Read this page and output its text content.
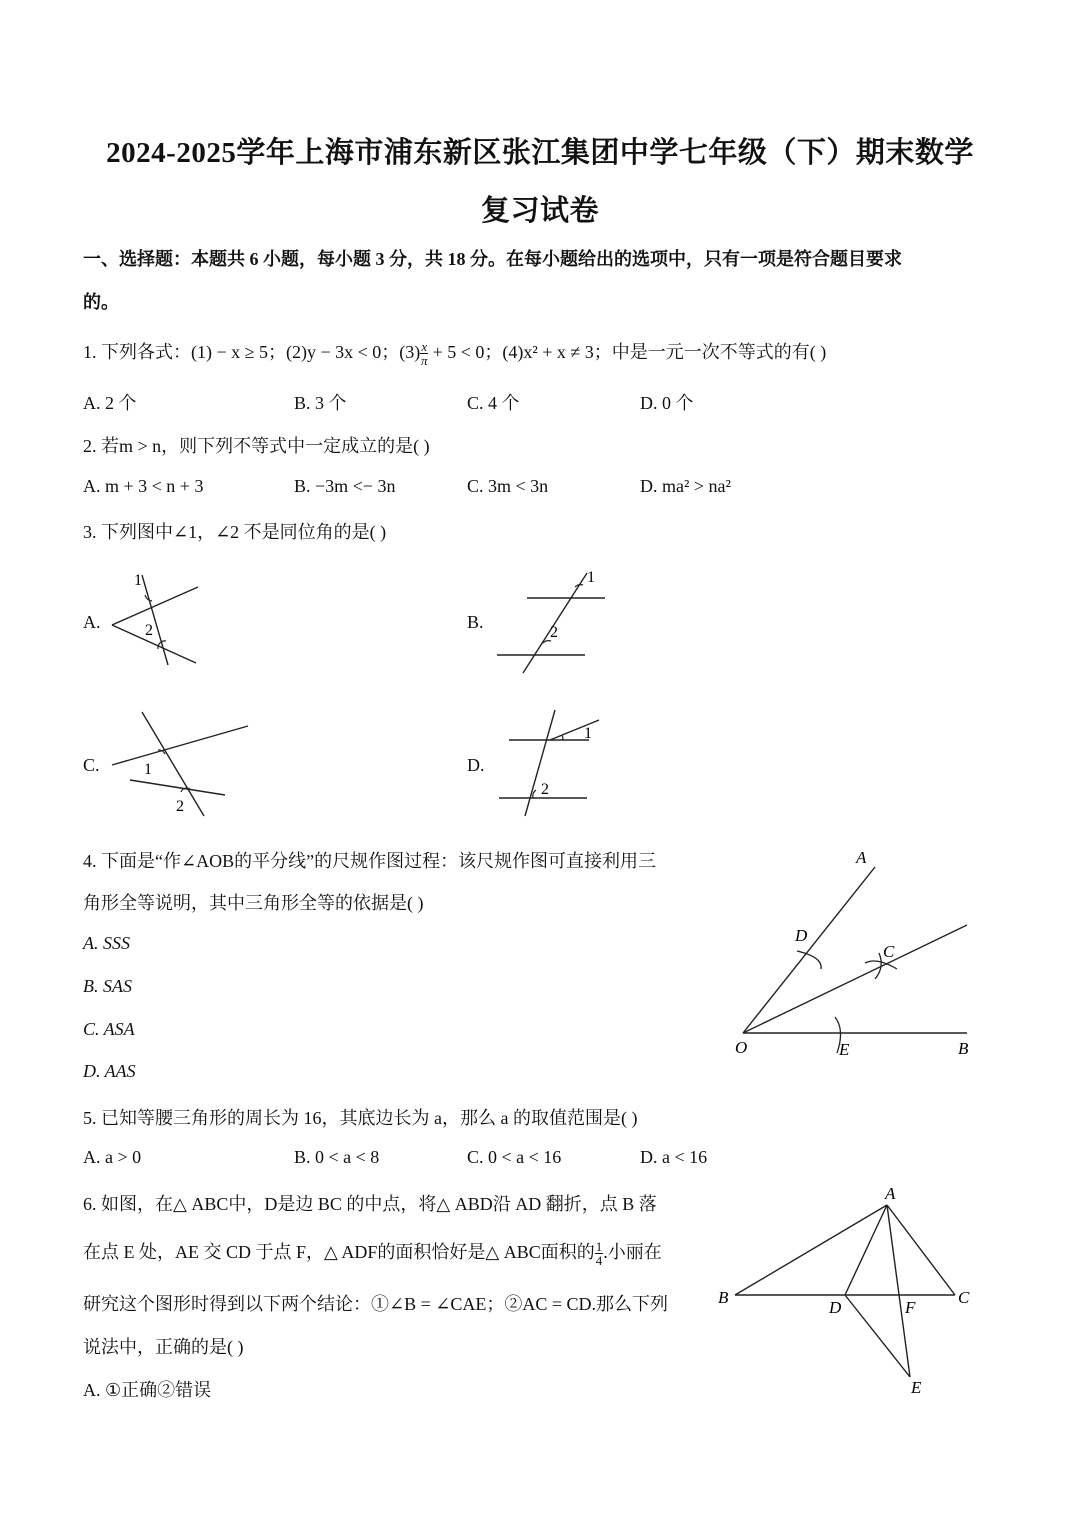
2024-2025学年上海市浦东新区张江集团中学七年级（下）期末数学
复习试卷
一、选择题：本题共 6 小题，每小题 3 分，共 18 分。在每小题给出的选项中，只有一项是符合题目要求
的。
1. 下列各式：(1) − x ≥ 5；(2)y − 3x < 0；$(3) \frac{x}{\pi} + 5 < 0$；(4)x² + x ≠ 3；中是一元一次不等式的有( )
A. 2 个	B. 3 个	C. 4 个	D. 0 个
2. 若m > n，则下列不等式中一定成立的是( )
A. m + 3 < n + 3	B. −3m <− 3n	C. 3m < 3n	D. ma² > na²
3. 下列图中∠1，∠2 不是同位角的是( )
A.	B.
C.	D.
1
2
1
2
1
2
1
2
4. 下面是“作∠AOB的平分线”的尺规作图过程：该尺规作图可直接利用三
角形全等说明，其中三角形全等的依据是( )
A. SSS
B. SAS
C. ASA
D. AAS
A
D
C
O	E	B
5. 已知等腰三角形的周长为 16，其底边长为 a，那么 a 的取值范围是( )
A. a > 0	B. 0 < a < 8	C. 0 < a < 16	D. a < 16
6. 如图，在△ ABC中，D是边 BC 的中点，将△ ABD沿 AD 翻折，点 B 落
在点 E 处，AE 交 CD 于点 F，△ ADF的面积恰好是△ ABC面积的 $\frac{1}{4}$ .小丽在
研究这个图形时得到以下两个结论：①∠B = ∠CAE；②AC = CD.那么下列
说法中，正确的是( )
A. ①正确②错误
A
B
D	F
C
E
